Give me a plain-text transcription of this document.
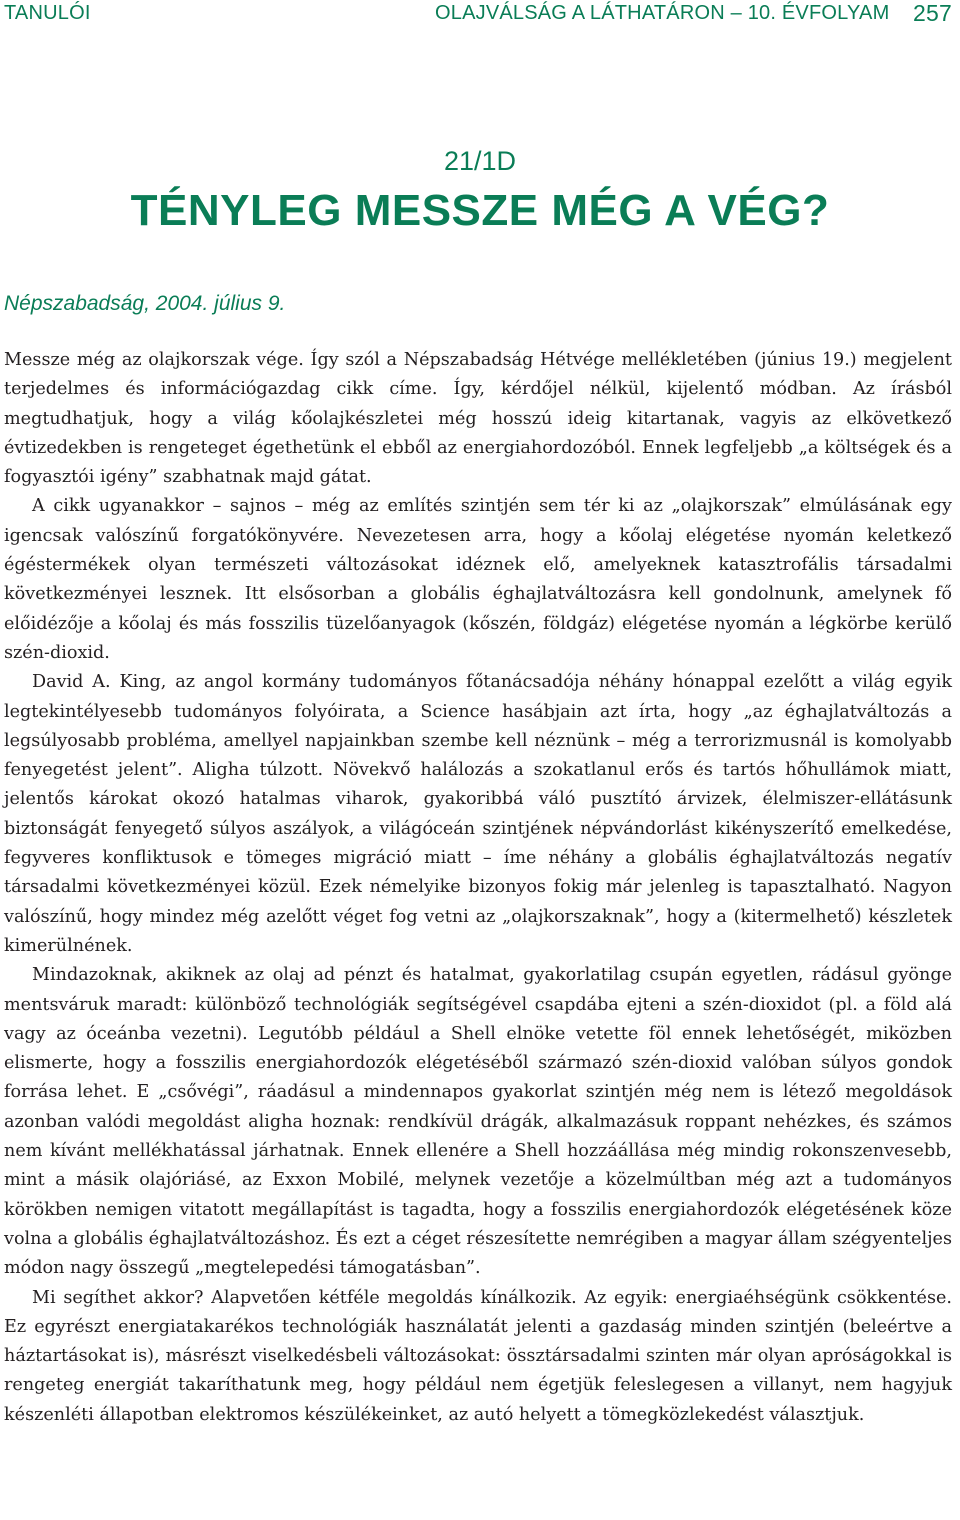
TANULÓI	OLAJVÁLSÁG A LÁTHATÁRON – 10. ÉVFOLYAM 257
21/1D
TÉNYLEG MESSZE MÉG A VÉG?
Népszabadság, 2004. július 9.

Messze még az olajkorszak vége. Így szól a Népszabadság Hétvége mellékletében (június 19.) megjelent terjedelmes és információgazdag cikk címe. Így, kérdőjel nélkül, kijelentő módban. Az írásból megtudhatjuk, hogy a világ kőolajkészletei még hosszú ideig kitartanak, vagyis az elkövetkező évtizedekben is rengeteget égethetünk el ebből az energiahordozóból. Ennek legfeljebb „a költségek és a fogyasztói igény” szabhatnak majd gátat.

A cikk ugyanakkor – sajnos – még az említés szintjén sem tér ki az „olajkorszak” elmúlásának egy igencsak valószínű forgatókönyvére. Nevezetesen arra, hogy a kőolaj elégetése nyomán keletkező égéstermékek olyan természeti változásokat idéznek elő, amelyeknek katasztrofális társadalmi következményei lesznek. Itt elsősorban a globális éghajlatváltozásra kell gondolnunk, amelynek fő előidézője a kőolaj és más fosszilis tüzelőanyagok (kőszén, földgáz) elégetése nyomán a légkörbe kerülő szén-dioxid.

David A. King, az angol kormány tudományos főtanácsadója néhány hónappal ezelőtt a világ egyik legtekintélyesebb tudományos folyóirata, a Science hasábjain azt írta, hogy „az éghajlatváltozás a legsúlyosabb probléma, amellyel napjainkban szembe kell néznünk – még a terrorizmusnál is komolyabb fenyegetést jelent”. Aligha túlzott. Növekvő halálozás a szokatlanul erős és tartós hőhullámok miatt, jelentős károkat okozó hatalmas viharok, gyakoribbá váló pusztító árvizek, élelmiszer-ellátásunk biztonságát fenyegető súlyos aszályok, a világóceán szintjének népvándorlást kikényszerítő emelkedése, fegyveres konfliktusok e tömeges migráció miatt – íme néhány a globális éghajlatváltozás negatív társadalmi következményei közül. Ezek némelyike bizonyos fokig már jelenleg is tapasztalható. Nagyon valószínű, hogy mindez még azelőtt véget fog vetni az „olajkorszaknak”, hogy a (kitermelhető) készletek kimerülnének.

Mindazoknak, akiknek az olaj ad pénzt és hatalmat, gyakorlatilag csupán egyetlen, rádásul gyönge mentsváruk maradt: különböző technológiák segítségével csapdába ejteni a szén-dioxidot (pl. a föld alá vagy az óceánba vezetni). Legutóbb például a Shell elnöke vetette föl ennek lehetőségét, miközben elismerte, hogy a fosszilis energiahordozók elégetéséből származó szén-dioxid valóban súlyos gondok forrása lehet. E „csővégi”, ráadásul a mindennapos gyakorlat szintjén még nem is létező megoldások azonban valódi megoldást aligha hoznak: rendkívül drágák, alkalmazásuk roppant nehézkes, és számos nem kívánt mellékhatással járhatnak. Ennek ellenére a Shell hozzáállása még mindig rokonszenvesebb, mint a másik olajóriásé, az Exxon Mobilé, melynek vezetője a közelmúltban még azt a tudományos körökben nemigen vitatott megállapítást is tagadta, hogy a fosszilis energiahordozók elégetésének köze volna a globális éghajlatváltozáshoz. És ezt a céget részesítette nemrégiben a magyar állam szégyenteljes módon nagy összegű „megtelepedési támogatásban”.

Mi segíthet akkor? Alapvetően kétféle megoldás kínálkozik. Az egyik: energiaéhségünk csökkentése. Ez egyrészt energiatakarékos technológiák használatát jelenti a gazdaság minden szintjén (beleértve a háztartásokat is), másrészt viselkedésbeli változásokat: össztársadalmi szinten már olyan apróságokkal is rengeteg energiát takaríthatunk meg, hogy például nem égetjük feleslegesen a villanyt, nem hagyjuk készenléti állapotban elektromos készülékeinket, az autó helyett a tömegközlekedést választjuk.
